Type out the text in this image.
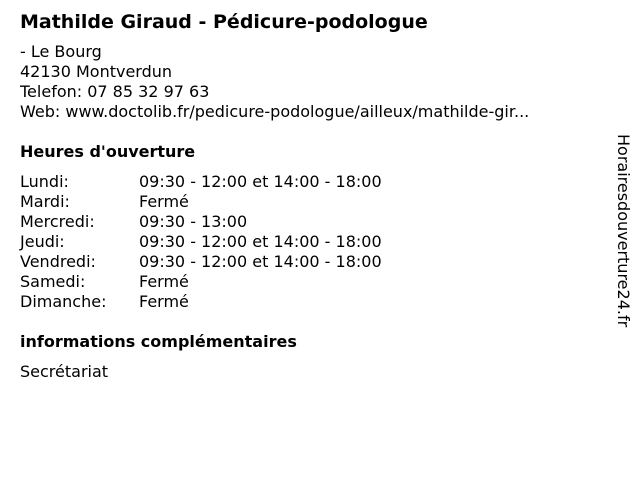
Mathilde Giraud - Pédicure-podologue
- Le Bourg
42130 Montverdun
Telefon: 07 85 32 97 63
Web: www.doctolib.fr/pedicure-podologue/ailleux/mathilde-gir...
Heures d'ouverture
Lundi:	09:30 - 12:00 et 14:00 - 18:00
Mardi:	Fermé
Mercredi:	09:30 - 13:00
Jeudi:	09:30 - 12:00 et 14:00 - 18:00
Vendredi:	09:30 - 12:00 et 14:00 - 18:00
Samedi:	Fermé
Dimanche:	Fermé
informations complémentaires
Secrétariat
Horairesdouverture24.fr
